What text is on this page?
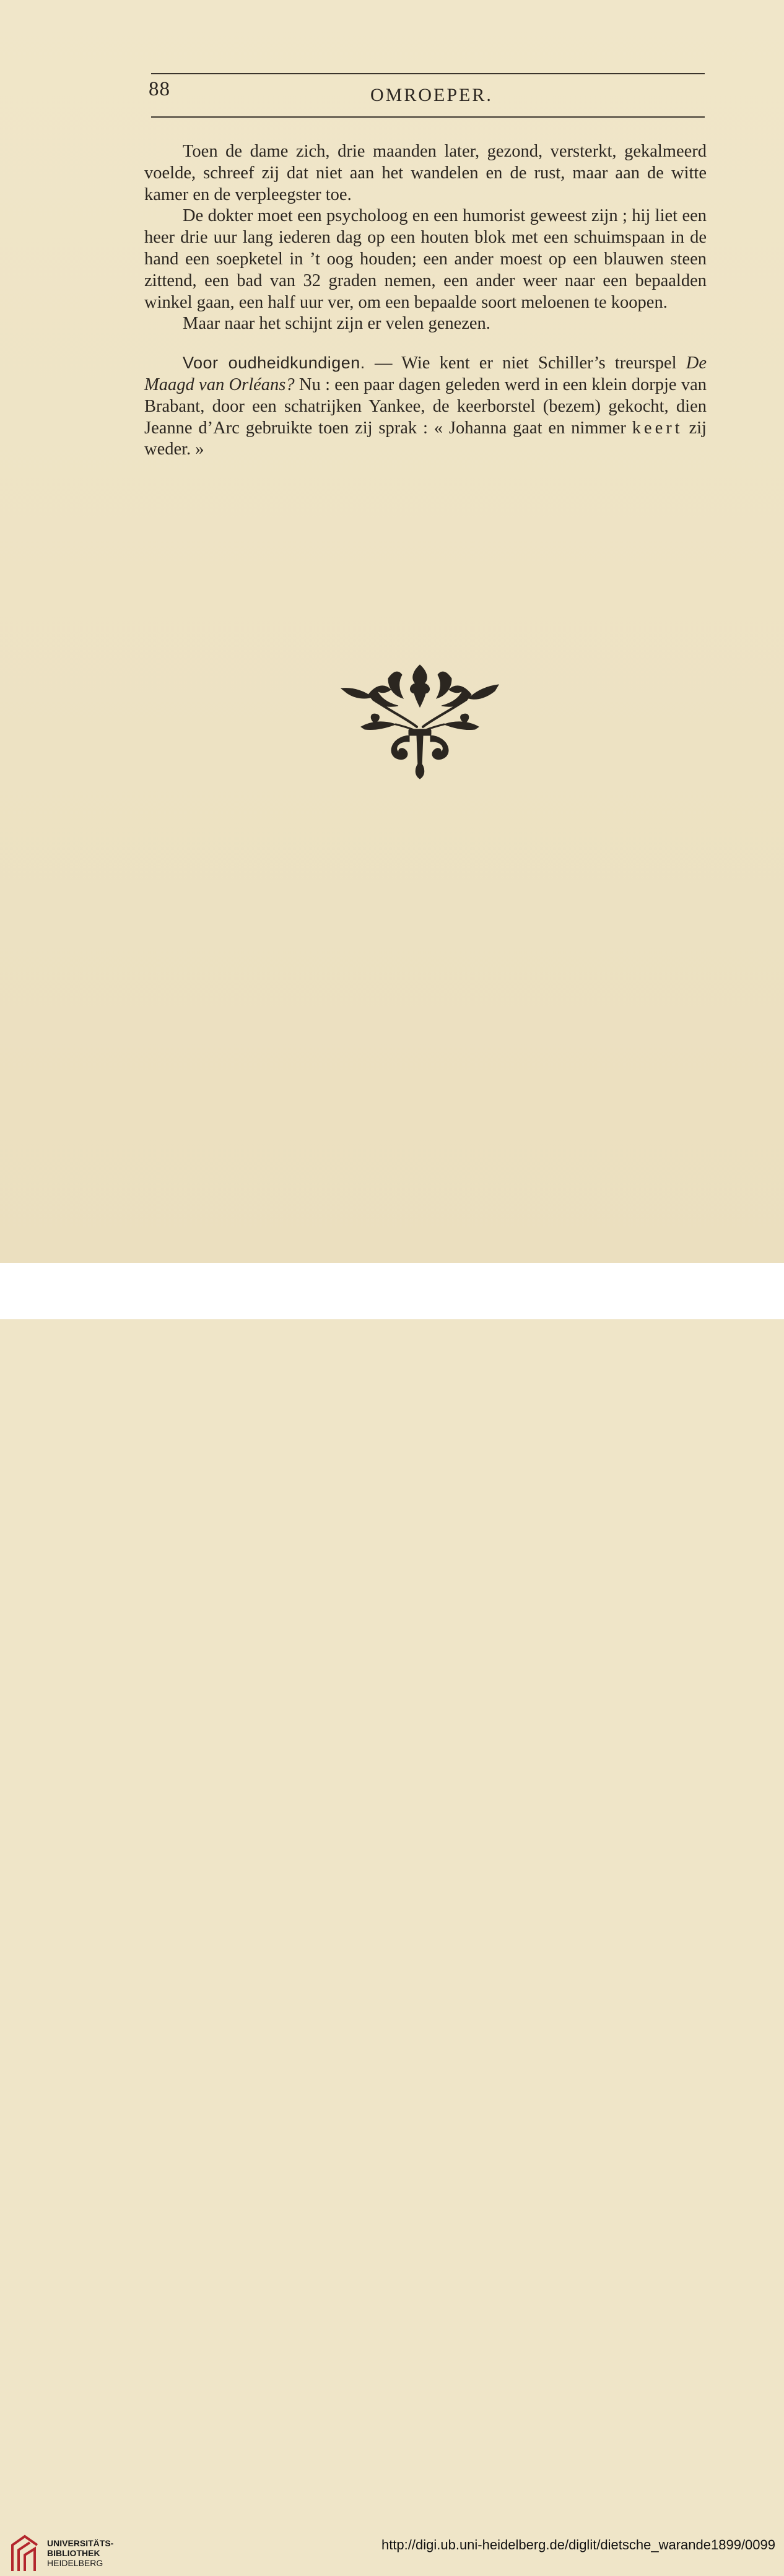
88	OMROEPER.

Toen de dame zich, drie maanden later, gezond, versterkt, gekalmeerd voelde, schreef zij dat niet aan het wandelen en de rust, maar aan de witte kamer en de verpleegster toe.

De dokter moet een psycholoog en een humorist geweest zijn ; hij liet een heer drie uur lang iederen dag op een houten blok met een schuimspaan in de hand een soepketel in ’t oog houden; een ander moest op een blauwen steen zittend, een bad van 32 graden nemen, een ander weer naar een bepaalden winkel gaan, een half uur ver, om een bepaalde soort meloenen te koopen.

Maar naar het schijnt zijn er velen genezen.

Voor oudheidkundigen. — Wie kent er niet Schiller’s treurspel De Maagd van Orléans? Nu : een paar dagen geleden werd in een klein dorpje van Brabant, door een schatrijken Yankee, de keerborstel (bezem) gekocht, dien Jeanne d’Arc gebruikte toen zij sprak : « Johanna gaat en nimmer keert zij weder. »

UNIVERSITÄTS-
BIBLIOTHEK
HEIDELBERG
http://digi.ub.uni-heidelberg.de/diglit/dietsche_warande1899/0099
